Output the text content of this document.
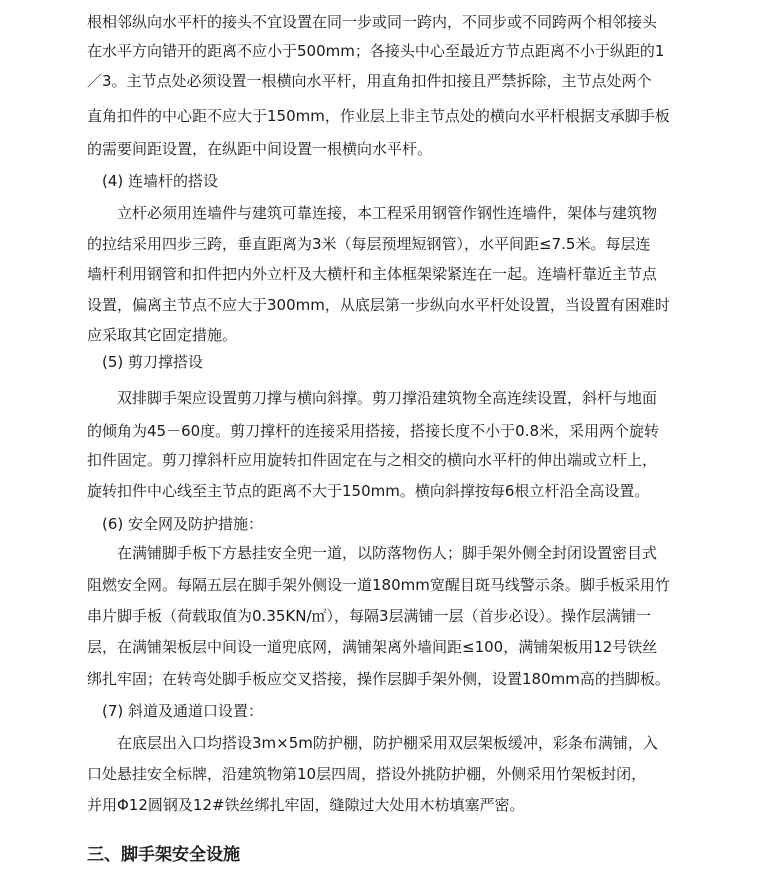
根相邻纵向水平杆的接头不宜设置在同一步或同一跨内，不同步或不同跨两个相邻接头
在水平方向错开的距离不应小于500mm；各接头中心至最近方节点距离不小于纵距的1
／3。主节点处必须设置一根横向水平杆，用直角扣件扣接且严禁拆除，主节点处两个
直角扣件的中心距不应大于150mm，作业层上非主节点处的横向水平杆根据支承脚手板
的需要间距设置，在纵距中间设置一根横向水平杆。
(4) 连墙杆的搭设
立杆必须用连墙件与建筑可靠连接，本工程采用钢管作钢性连墙件，架体与建筑物
的拉结采用四步三跨，垂直距离为3米（每层预埋短钢管），水平间距≤7.5米。每层连
墙杆利用钢管和扣件把内外立杆及大横杆和主体框架梁紧连在一起。连墙杆靠近主节点
设置，偏离主节点不应大于300mm，从底层第一步纵向水平杆处设置，当设置有困难时
应采取其它固定措施。
(5) 剪刀撑搭设
双排脚手架应设置剪刀撑与横向斜撑。剪刀撑沿建筑物全高连续设置，斜杆与地面
的倾角为45－60度。剪刀撑杆的连接采用搭接，搭接长度不小于0.8米，采用两个旋转
扣件固定。剪刀撑斜杆应用旋转扣件固定在与之相交的横向水平杆的伸出端或立杆上，
旋转扣件中心线至主节点的距离不大于150mm。横向斜撑按每6根立杆沿全高设置。
(6) 安全网及防护措施：
在满铺脚手板下方悬挂安全兜一道，以防落物伤人；脚手架外侧全封闭设置密目式
阻燃安全网。每隔五层在脚手架外侧设一道180mm宽醒目斑马线警示条。脚手板采用竹
串片脚手板（荷载取值为0.35KN/㎡），每隔3层满铺一层（首步必设）。操作层满铺一
层，在满铺架板层中间设一道兜底网，满铺架离外墙间距≤100，满铺架板用12号铁丝
绑扎牢固；在转弯处脚手板应交叉搭接，操作层脚手架外侧，设置180mm高的挡脚板。
(7) 斜道及通道口设置：
在底层出入口均搭设3m×5m防护棚，防护棚采用双层架板缓冲，彩条布满铺，入
口处悬挂安全标牌，沿建筑物第10层四周，搭设外挑防护棚，外侧采用竹架板封闭，
并用Φ12圆钢及12#铁丝绑扎牢固，缝隙过大处用木枋填塞严密。
三、脚手架安全设施
